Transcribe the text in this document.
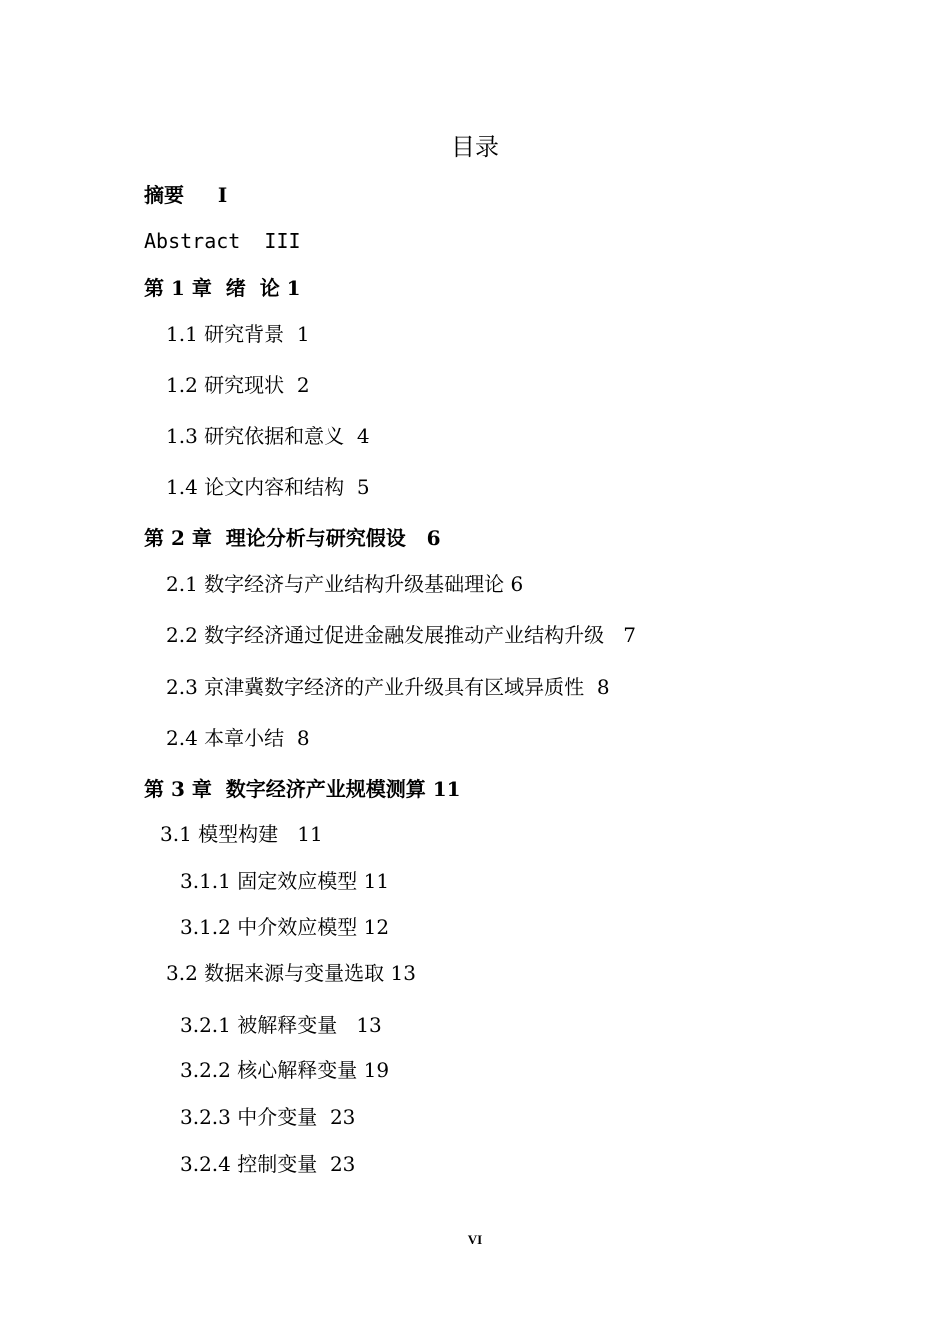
目录
摘要　  I
Abstract  III
第 1 章  绪  论 1
1.1 研究背景  1
1.2 研究现状  2
1.3 研究依据和意义  4
1.4 论文内容和结构  5
第 2 章  理论分析与研究假设   6
2.1 数字经济与产业结构升级基础理论 6
2.2 数字经济通过促进金融发展推动产业结构升级   7
2.3 京津冀数字经济的产业升级具有区域异质性  8
2.4 本章小结  8
第 3 章  数字经济产业规模测算 11
3.1 模型构建   11
3.1.1 固定效应模型 11
3.1.2 中介效应模型 12
3.2 数据来源与变量选取 13
3.2.1 被解释变量   13
3.2.2 核心解释变量 19
3.2.3 中介变量  23
3.2.4 控制变量  23
VI
